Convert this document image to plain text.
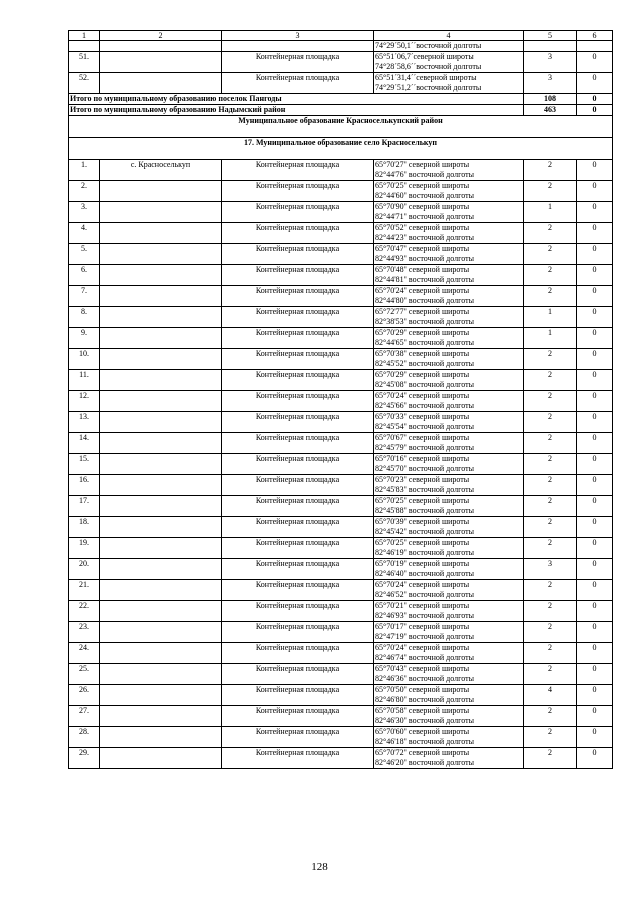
1	2	3	4	5	6

			74°29´50,1´´восточной долготы		

51.		Контейнерная площадка	65°51´06,7´северной широты
74°28´58,6´´восточной долготы	3	0
52.		Контейнерная площадка	65°51´31,4´´северной широты
74°29´51,2´´восточной долготы	3	0
Итого по муниципальному образованию поселок Пангоды				108	0
Итого по муниципальному образованию Надымский район				463	0
Муниципальное образование Красноселькупский район					
17. Муниципальное образование село Красноселькуп					
1.	с. Красноселькуп	Контейнерная площадка	65°70'27" северной широты
82°44'76" восточной долготы	2	0
2.		Контейнерная площадка	65°70'25" северной широты
82°44'60" восточной долготы	2	0
3.		Контейнерная площадка	65°70'90" северной широты
82°44'71" восточной долготы	1	0
4.		Контейнерная площадка	65°70'52" северной широты
82°44'23" восточной долготы	2	0
5.		Контейнерная площадка	65°70'47" северной широты
82°44'93" восточной долготы	2	0
6.		Контейнерная площадка	65°70'48" северной широты
82°44'81" восточной долготы	2	0
7.		Контейнерная площадка	65°70'24" северной широты
82°44'80" восточной долготы	2	0
8.		Контейнерная площадка	65°72'77" северной широты
82°38'53" восточной долготы	1	0
9.		Контейнерная площадка	65°70'29" северной широты
82°44'65" восточной долготы	1	0
10.		Контейнерная площадка	65°70'38" северной широты
82°45'52" восточной долготы	2	0
11.		Контейнерная площадка	65°70'29" северной широты
82°45'08" восточной долготы	2	0
12.		Контейнерная площадка	65°70'24" северной широты
82°45'66" восточной долготы	2	0
13.		Контейнерная площадка	65°70'33" северной широты
82°45'54" восточной долготы	2	0
14.		Контейнерная площадка	65°70'67" северной широты
82°45'79" восточной долготы	2	0
15.		Контейнерная площадка	65°70'16" северной широты
82°45'70" восточной долготы	2	0
16.		Контейнерная площадка	65°70'23" северной широты
82°45'83" восточной долготы	2	0
17.		Контейнерная площадка	65°70'25" северной широты
82°45'88" восточной долготы	2	0
18.		Контейнерная площадка	65°70'39" северной широты
82°45'42" восточной долготы	2	0
19.		Контейнерная площадка	65°70'25" северной широты
82°46'19" восточной долготы	2	0
20.		Контейнерная площадка	65°70'19" северной широты
82°46'40" восточной долготы	3	0
21.		Контейнерная площадка	65°70'24" северной широты
82°46'52" восточной долготы	2	0
22.		Контейнерная площадка	65°70'21" северной широты
82°46'93" восточной долготы	2	0
23.		Контейнерная площадка	65°70'17" северной широты
82°47'19" восточной долготы	2	0
24.		Контейнерная площадка	65°70'24" северной широты
82°46'74" восточной долготы	2	0
25.		Контейнерная площадка	65°70'43" северной широты
82°46'36" восточной долготы	2	0
26.		Контейнерная площадка	65°70'50" северной широты
82°46'80" восточной долготы	4	0
27.		Контейнерная площадка	65°70'58" северной широты
82°46'30" восточной долготы	2	0
28.		Контейнерная площадка	65°70'60" северной широты
82°46'18" восточной долготы	2	0
29.		Контейнерная площадка	65°70'72" северной широты
82°46'20" восточной долготы	2	0
128
